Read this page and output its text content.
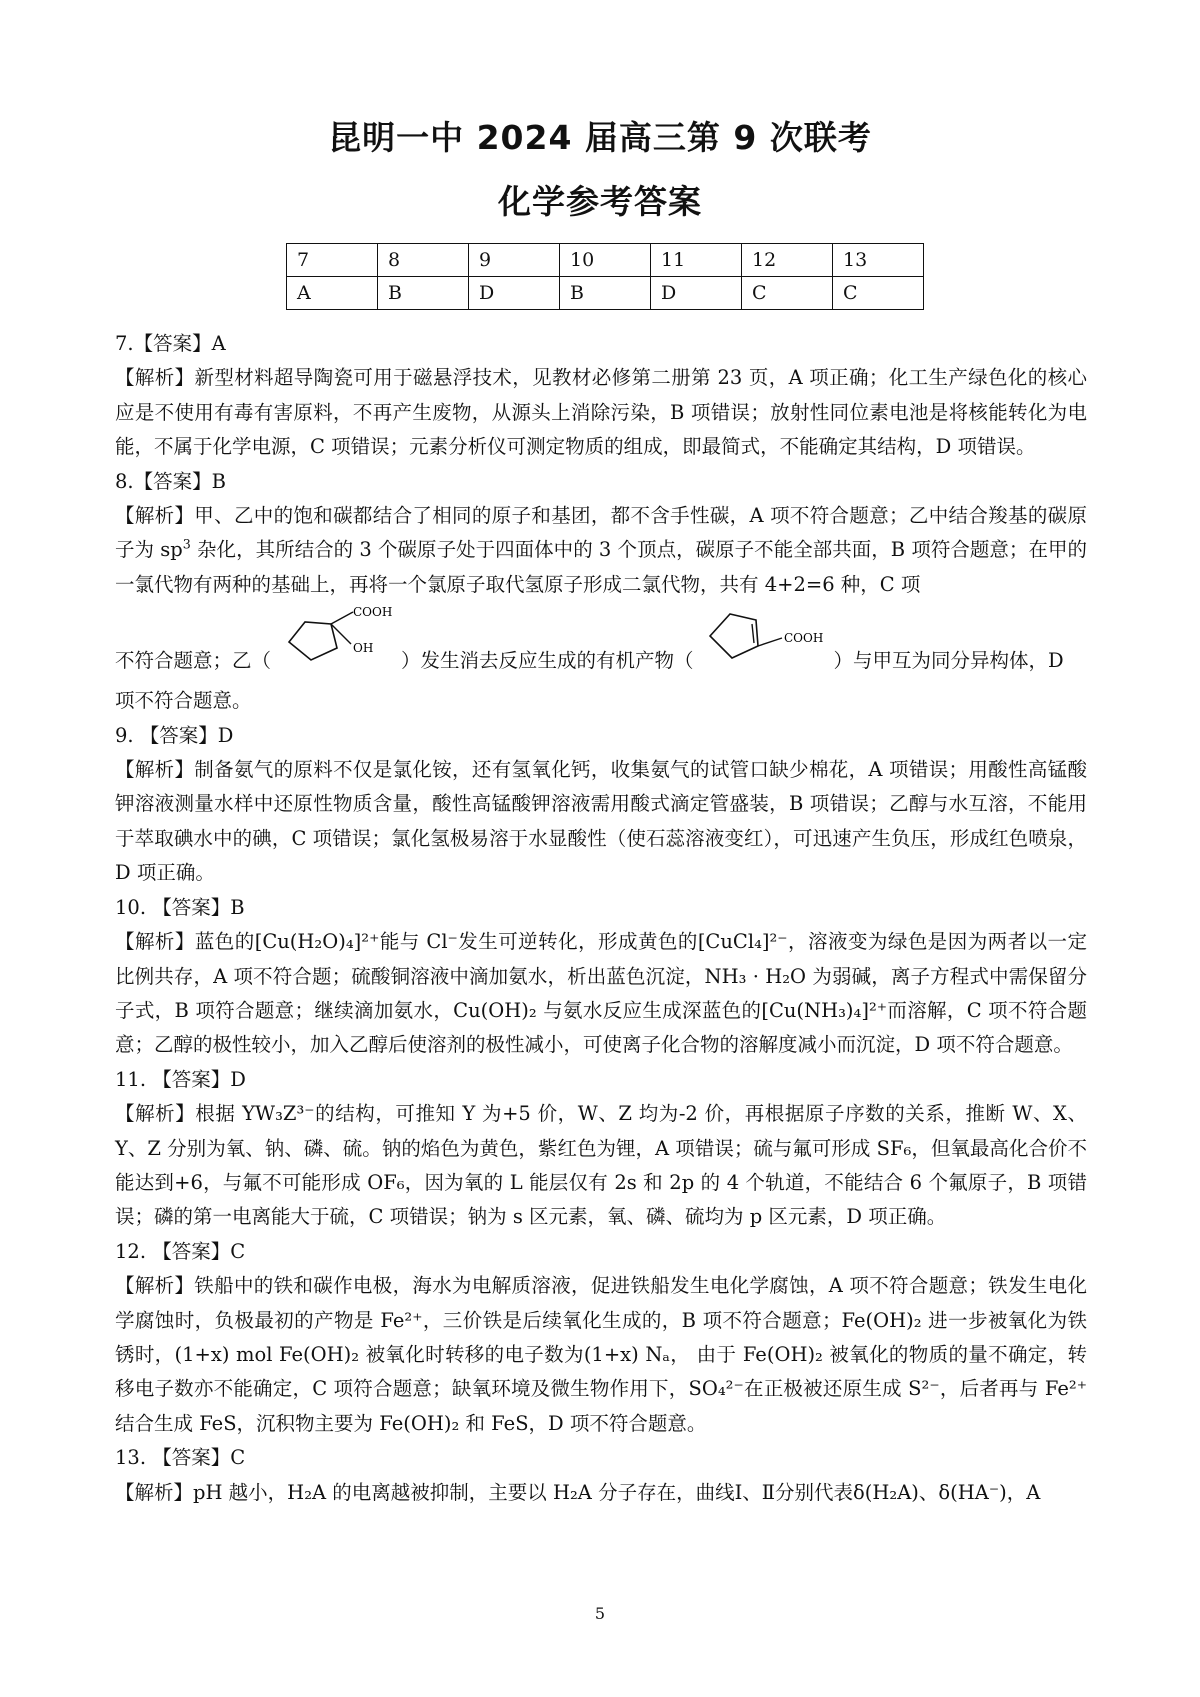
昆明一中 2024 届高三第 9 次联考
化学参考答案
7	8	9	10	11	12	13
A	B	D	B	D	C	C

7.【答案】A

【解析】新型材料超导陶瓷可用于磁悬浮技术，见教材必修第二册第 23 页，A 项正确；化工生产绿色化的核心应是不使用有毒有害原料，不再产生废物，从源头上消除污染，B 项错误；放射性同位素电池是将核能转化为电能，不属于化学电源，C 项错误；元素分析仪可测定物质的组成，即最简式，不能确定其结构，D 项错误。

8.【答案】B

【解析】甲、乙中的饱和碳都结合了相同的原子和基团，都不含手性碳，A 项不符合题意；乙中结合羧基的碳原子为 $sp^3$ 杂化，其所结合的 3 个碳原子处于四面体中的 3 个顶点，碳原子不能全部共面，B 项符合题意；在甲的一氯代物有两种的基础上，再将一个氯原子取代氢原子形成二氯代物，共有 4+2=6 种，C 项

不符合题意；乙（
COOH
OH
）发生消去反应生成的有机产物（
COOH
）与甲互为同分异构体，D

项不符合题意。

9. 【答案】D

【解析】制备氨气的原料不仅是氯化铵，还有氢氧化钙，收集氨气的试管口缺少棉花，A 项错误；用酸性高锰酸钾溶液测量水样中还原性物质含量，酸性高锰酸钾溶液需用酸式滴定管盛装，B 项错误；乙醇与水互溶，不能用于萃取碘水中的碘，C 项错误；氯化氢极易溶于水显酸性（使石蕊溶液变红），可迅速产生负压，形成红色喷泉，D 项正确。

10. 【答案】B

【解析】蓝色的[Cu(H₂O)₄]²⁺能与 Cl⁻发生可逆转化，形成黄色的[CuCl₄]²⁻，溶液变为绿色是因为两者以一定比例共存，A 项不符合题；硫酸铜溶液中滴加氨水，析出蓝色沉淀，NH₃ · H₂O 为弱碱，离子方程式中需保留分子式，B 项符合题意；继续滴加氨水，Cu(OH)₂ 与氨水反应生成深蓝色的[Cu(NH₃)₄]²⁺而溶解，C 项不符合题意；乙醇的极性较小，加入乙醇后使溶剂的极性减小，可使离子化合物的溶解度减小而沉淀，D 项不符合题意。

11. 【答案】D

【解析】根据 YW₃Z³⁻的结构，可推知 Y 为+5 价，W、Z 均为-2 价，再根据原子序数的关系，推断 W、X、Y、Z 分别为氧、钠、磷、硫。钠的焰色为黄色，紫红色为锂，A 项错误；硫与氟可形成 SF₆，但氧最高化合价不能达到+6，与氟不可能形成 OF₆，因为氧的 L 能层仅有 2s 和 2p 的 4 个轨道，不能结合 6 个氟原子，B 项错误；磷的第一电离能大于硫，C 项错误；钠为 s 区元素，氧、磷、硫均为 p 区元素，D 项正确。

12. 【答案】C

【解析】铁船中的铁和碳作电极，海水为电解质溶液，促进铁船发生电化学腐蚀，A 项不符合题意；铁发生电化学腐蚀时，负极最初的产物是 Fe²⁺，三价铁是后续氧化生成的，B 项不符合题意；Fe(OH)₂ 进一步被氧化为铁锈时，(1+x) mol Fe(OH)₂ 被氧化时转移的电子数为(1+x) Nₐ， 由于 Fe(OH)₂ 被氧化的物质的量不确定，转移电子数亦不能确定，C 项符合题意；缺氧环境及微生物作用下，SO₄²⁻在正极被还原生成 S²⁻，后者再与 Fe²⁺结合生成 FeS，沉积物主要为 Fe(OH)₂ 和 FeS，D 项不符合题意。

13. 【答案】C

【解析】pH 越小，H₂A 的电离越被抑制，主要以 H₂A 分子存在，曲线Ⅰ、Ⅱ分别代表δ(H₂A)、δ(HA⁻)，A

5
